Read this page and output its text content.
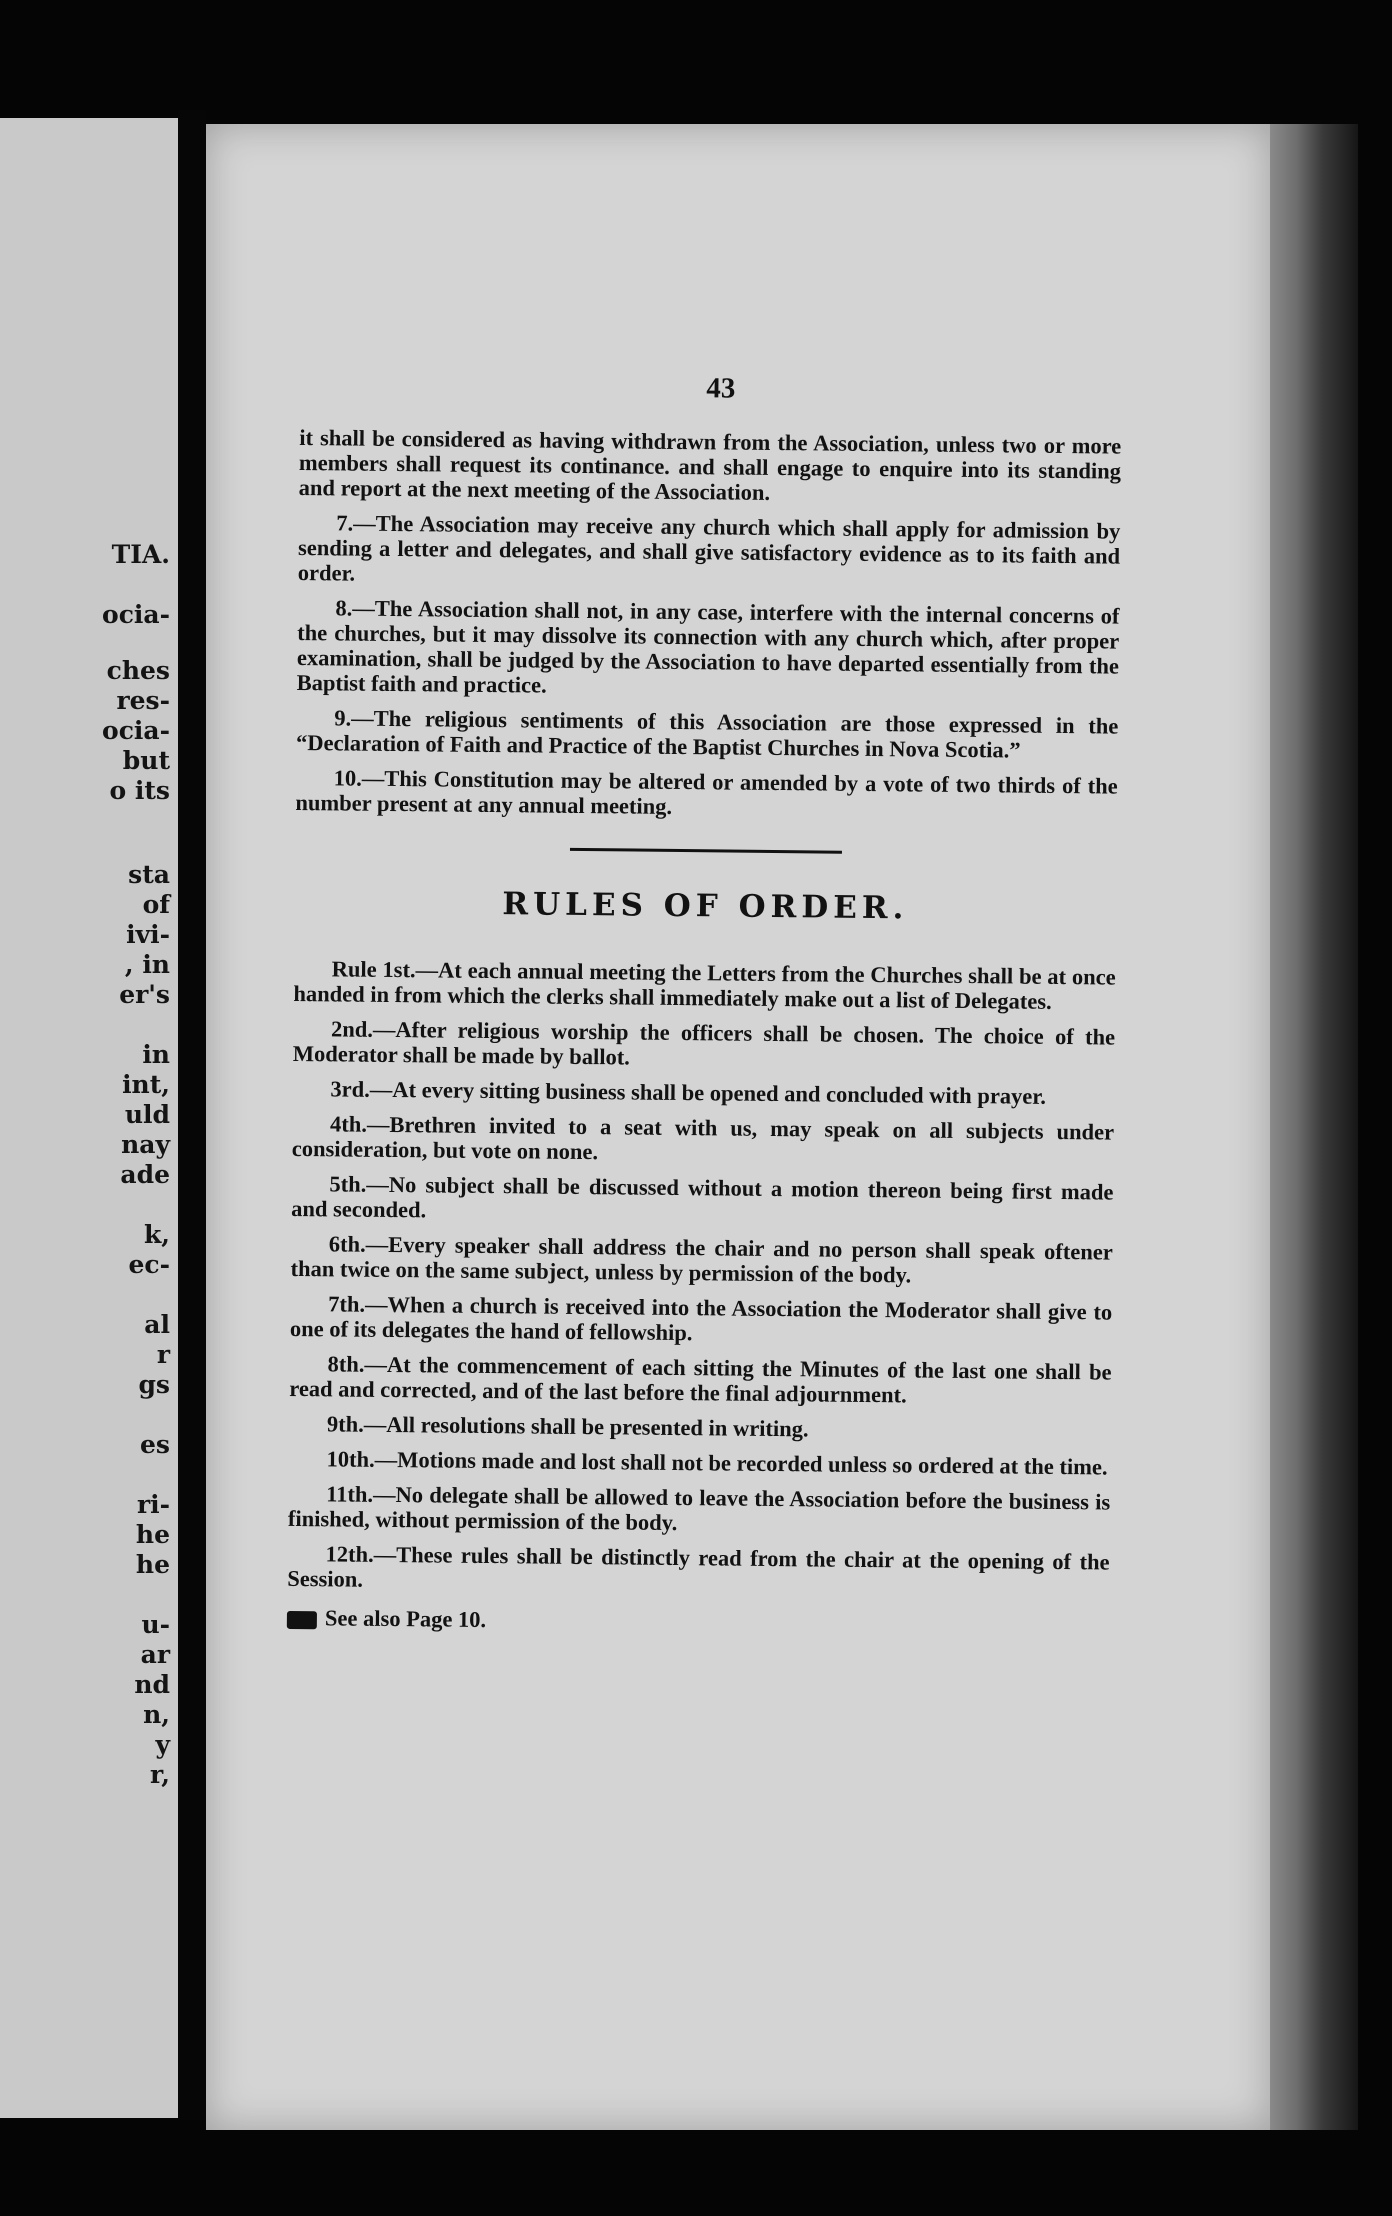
TIA.
ocia-
ches
res-
ocia-
but
o its
sta
of
ivi-
, in
er's
in
int,
uld
nay
ade
k,
ec-
al
r
gs
es
ri-
he
he
u-
ar
nd
n,
y
r,
43

it shall be considered as having withdrawn from the Association, unless two or more members shall request its continance. and shall engage to enquire into its standing and report at the next meeting of the Association.

7.—The Association may receive any church which shall apply for admission by sending a letter and delegates, and shall give satisfactory evidence as to its faith and order.

8.—The Association shall not, in any case, interfere with the internal concerns of the churches, but it may dissolve its connection with any church which, after proper examination, shall be judged by the Association to have departed essentially from the Baptist faith and practice.

9.—The religious sentiments of this Association are those expressed in the “Declaration of Faith and Practice of the Baptist Churches in Nova Scotia.”

10.—This Constitution may be altered or amended by a vote of two thirds of the number present at any annual meeting.

RULES OF ORDER.

Rule 1st.—At each annual meeting the Letters from the Churches shall be at once handed in from which the clerks shall immediately make out a list of Delegates.

2nd.—After religious worship the officers shall be chosen. The choice of the Moderator shall be made by ballot.

3rd.—At every sitting business shall be opened and concluded with prayer.

4th.—Brethren invited to a seat with us, may speak on all subjects under consideration, but vote on none.

5th.—No subject shall be discussed without a motion thereon being first made and seconded.

6th.—Every speaker shall address the chair and no person shall speak oftener than twice on the same subject, unless by permission of the body.

7th.—When a church is received into the Association the Moderator shall give to one of its delegates the hand of fellowship.

8th.—At the commencement of each sitting the Minutes of the last one shall be read and corrected, and of the last before the final adjournment.

9th.—All resolutions shall be presented in writing.

10th.—Motions made and lost shall not be recorded unless so ordered at the time.

11th.—No delegate shall be allowed to leave the Association before the business is finished, without permission of the body.

12th.—These rules shall be distinctly read from the chair at the opening of the Session.

See also Page 10.
